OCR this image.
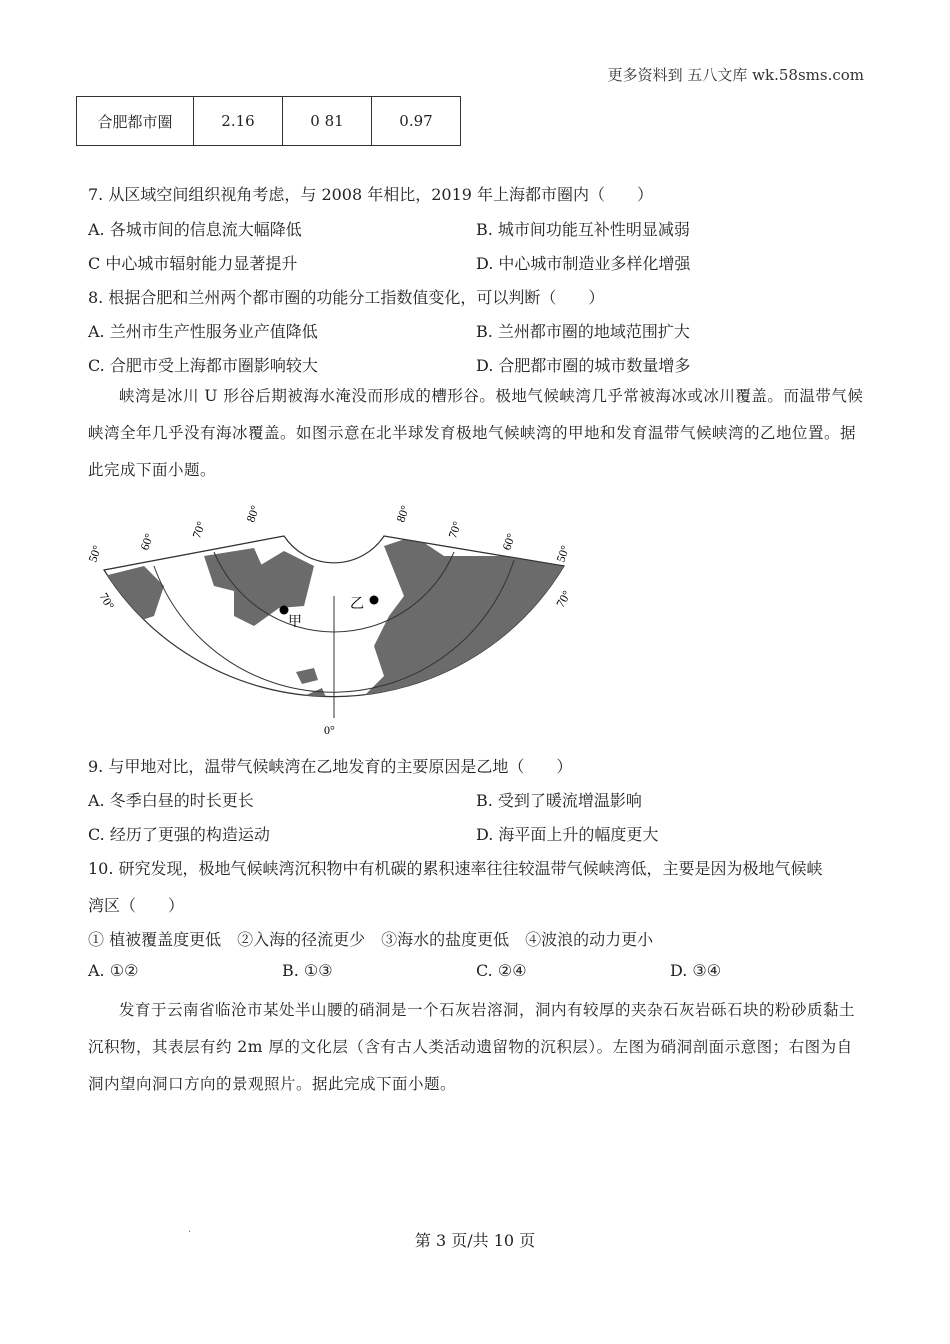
更多资料到 五八文库 wk.58sms.com
合肥都市圈	2.16	0 81	0.97
7. 从区域空间组织视角考虑，与 2008 年相比，2019 年上海都市圈内（　　）
A. 各城市间的信息流大幅降低	B. 城市间功能互补性明显减弱
C 中心城市辐射能力显著提升	D. 中心城市制造业多样化增强
8. 根据合肥和兰州两个都市圈的功能分工指数值变化，可以判断（　　）
A. 兰州市生产性服务业产值降低	B. 兰州都市圈的地域范围扩大
C. 合肥市受上海都市圈影响较大	D. 合肥都市圈的城市数量增多
峡湾是冰川 U 形谷后期被海水淹没而形成的槽形谷。极地气候峡湾几乎常被海冰或冰川覆盖。而温带气候峡湾全年几乎没有海冰覆盖。如图示意在北半球发育极地气候峡湾的甲地和发育温带气候峡湾的乙地位置。据此完成下面小题。
甲
乙
50°
60°
70°
80°	80°
70°
60°
50°
70°	70°
0°
9. 与甲地对比，温带气候峡湾在乙地发育的主要原因是乙地（　　）
A. 冬季白昼的时长更长	B. 受到了暖流增温影响
C. 经历了更强的构造运动	D. 海平面上升的幅度更大
10. 研究发现，极地气候峡湾沉积物中有机碳的累积速率往往较温带气候峡湾低，主要是因为极地气候峡
湾区（　　）
① 植被覆盖度更低　②入海的径流更少　③海水的盐度更低　④波浪的动力更小
A. ①②	B. ①③	C. ②④	D. ③④
发育于云南省临沧市某处半山腰的硝洞是一个石灰岩溶洞，洞内有较厚的夹杂石灰岩砾石块的粉砂质黏土沉积物，其表层有约 2m 厚的文化层（含有古人类活动遗留物的沉积层）。左图为硝洞剖面示意图；右图为自洞内望向洞口方向的景观照片。据此完成下面小题。
.
第 3 页/共 10 页
